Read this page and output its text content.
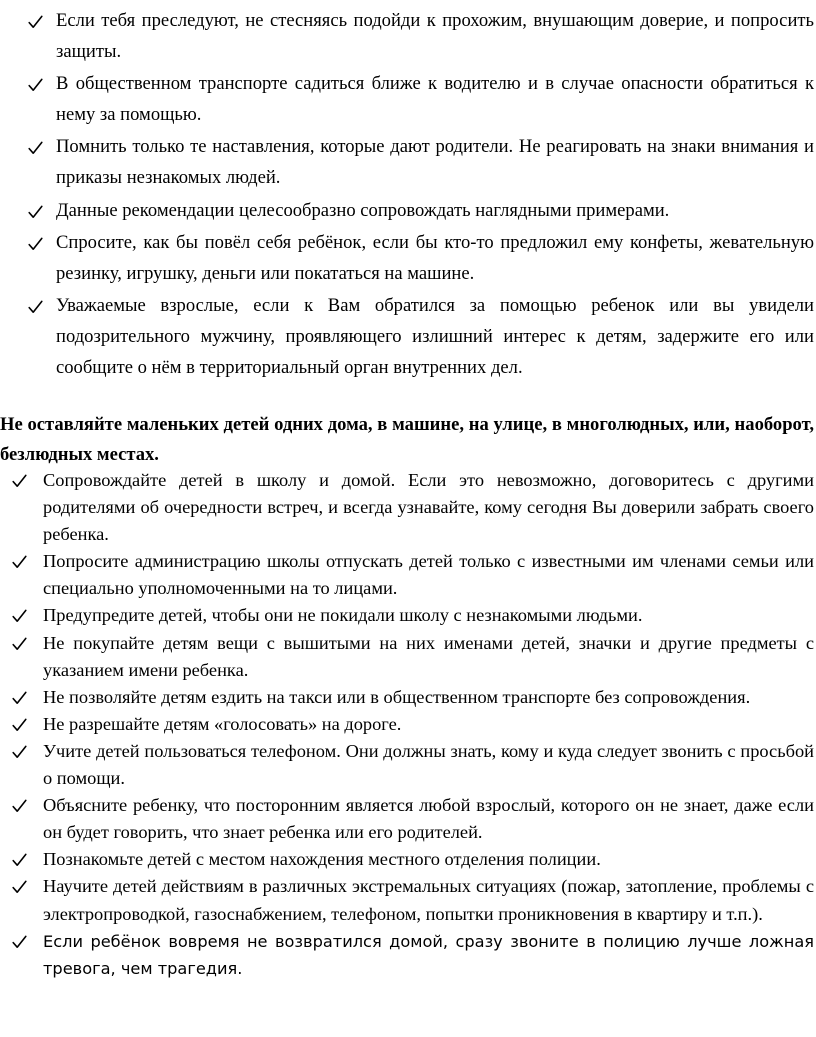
Если тебя преследуют, не стесняясь подойди к прохожим, внушающим доверие, и попросить защиты.
В общественном транспорте садиться ближе к водителю и в случае опасности обратиться к нему за помощью.
Помнить только те наставления, которые дают родители. Не реагировать на знаки внимания и приказы незнакомых людей.
Данные рекомендации целесообразно сопровождать наглядными примерами.
Спросите, как бы повёл себя ребёнок, если бы кто-то предложил ему конфеты, жевательную резинку, игрушку, деньги или покататься на машине.
Уважаемые взрослые, если к Вам обратился за помощью ребенок или вы увидели подозрительного мужчину, проявляющего излишний интерес к детям, задержите его или сообщите о нём в территориальный орган внутренних дел.

Не оставляйте маленьких детей одних дома, в машине, на улице, в многолюдных, или, наоборот, безлюдных местах.

Сопровождайте детей в школу и домой. Если это невозможно, договоритесь с другими родителями об очередности встреч, и всегда узнавайте, кому сегодня Вы доверили забрать своего ребенка.
Попросите администрацию школы отпускать детей только с известными им членами семьи или специально уполномоченными на то лицами.
Предупредите детей, чтобы они не покидали школу с незнакомыми людьми.
Не покупайте детям вещи с вышитыми на них именами детей, значки и другие предметы с указанием имени ребенка.
Не позволяйте детям ездить на такси или в общественном транспорте без сопровождения.
Не разрешайте детям «голосовать» на дороге.
Учите детей пользоваться телефоном. Они должны знать, кому и куда следует звонить с просьбой о помощи.
Объясните ребенку, что посторонним является любой взрослый, которого он не знает, даже если он будет говорить, что знает ребенка или его родителей.
Познакомьте детей с местом нахождения местного отделения полиции.
Научите детей действиям в различных экстремальных ситуациях (пожар, затопление, проблемы с электропроводкой, газоснабжением, телефоном, попытки проникновения в квартиру и т.п.).
Если ребёнок вовремя не возвратился домой, сразу звоните в полицию лучше ложная тревога, чем трагедия.
